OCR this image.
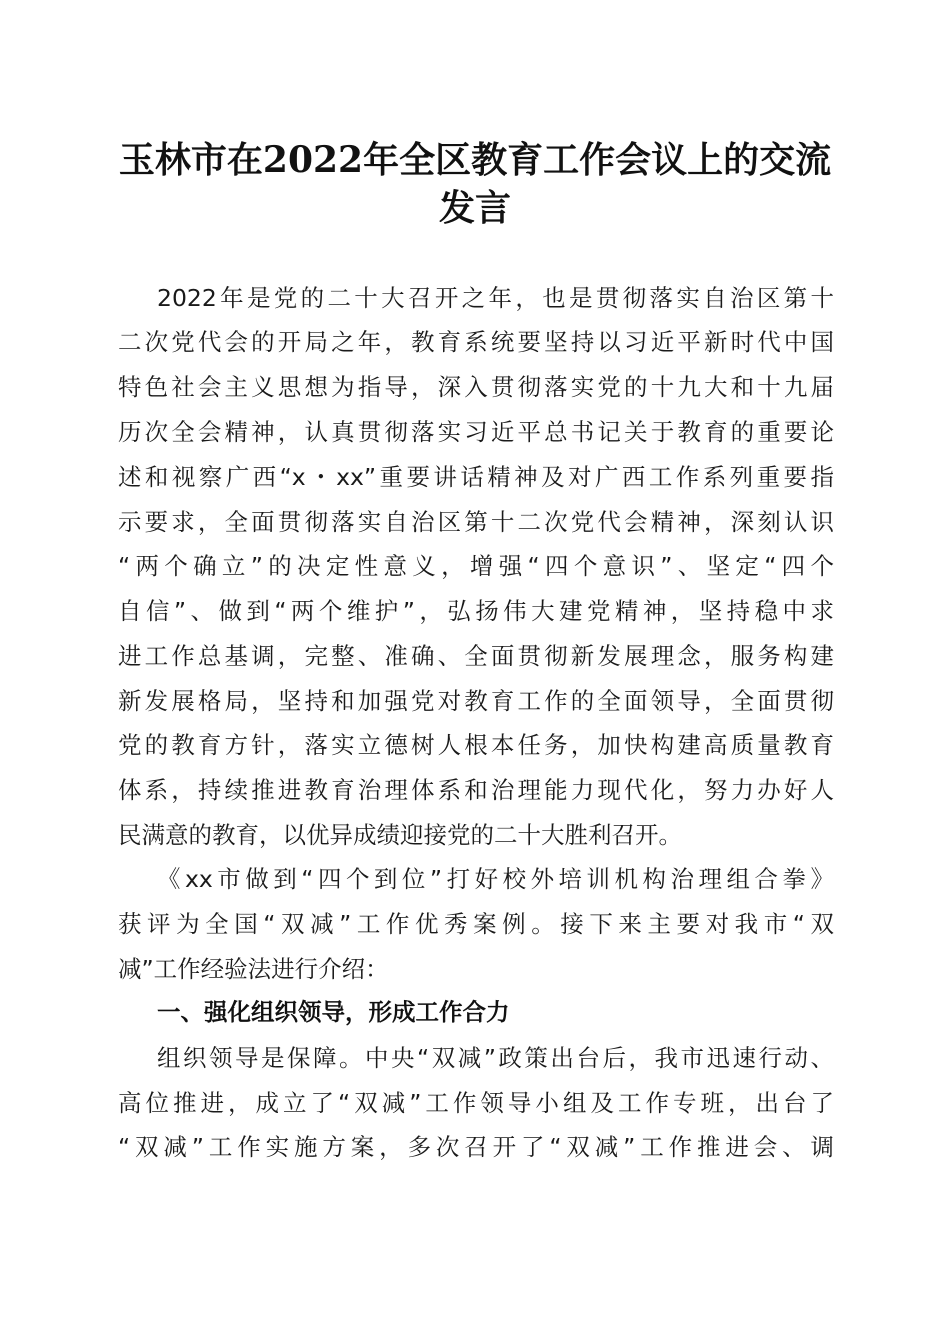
玉林市在2022年全区教育工作会议上的交流
发言
2022年是党的二十大召开之年，也是贯彻落实自治区第十
二次党代会的开局之年，教育系统要坚持以习近平新时代中国
特色社会主义思想为指导，深入贯彻落实党的十九大和十九届
历次全会精神，认真贯彻落实习近平总书记关于教育的重要论
述和视察广西“x・xx”重要讲话精神及对广西工作系列重要指
示要求，全面贯彻落实自治区第十二次党代会精神，深刻认识
“两个确立”的决定性意义，增强“四个意识”、坚定“四个
自信”、做到“两个维护”，弘扬伟大建党精神，坚持稳中求
进工作总基调，完整、准确、全面贯彻新发展理念，服务构建
新发展格局，坚持和加强党对教育工作的全面领导，全面贯彻
党的教育方针，落实立德树人根本任务，加快构建高质量教育
体系，持续推进教育治理体系和治理能力现代化，努力办好人
民满意的教育，以优异成绩迎接党的二十大胜利召开。
《xx市做到“四个到位”打好校外培训机构治理组合拳》
获评为全国“双减”工作优秀案例。接下来主要对我市“双
减”工作经验法进行介绍：
一、强化组织领导，形成工作合力
组织领导是保障。中央“双减”政策出台后，我市迅速行动、
高位推进，成立了“双减”工作领导小组及工作专班，出台了
“双减”工作实施方案，多次召开了“双减”工作推进会、调
